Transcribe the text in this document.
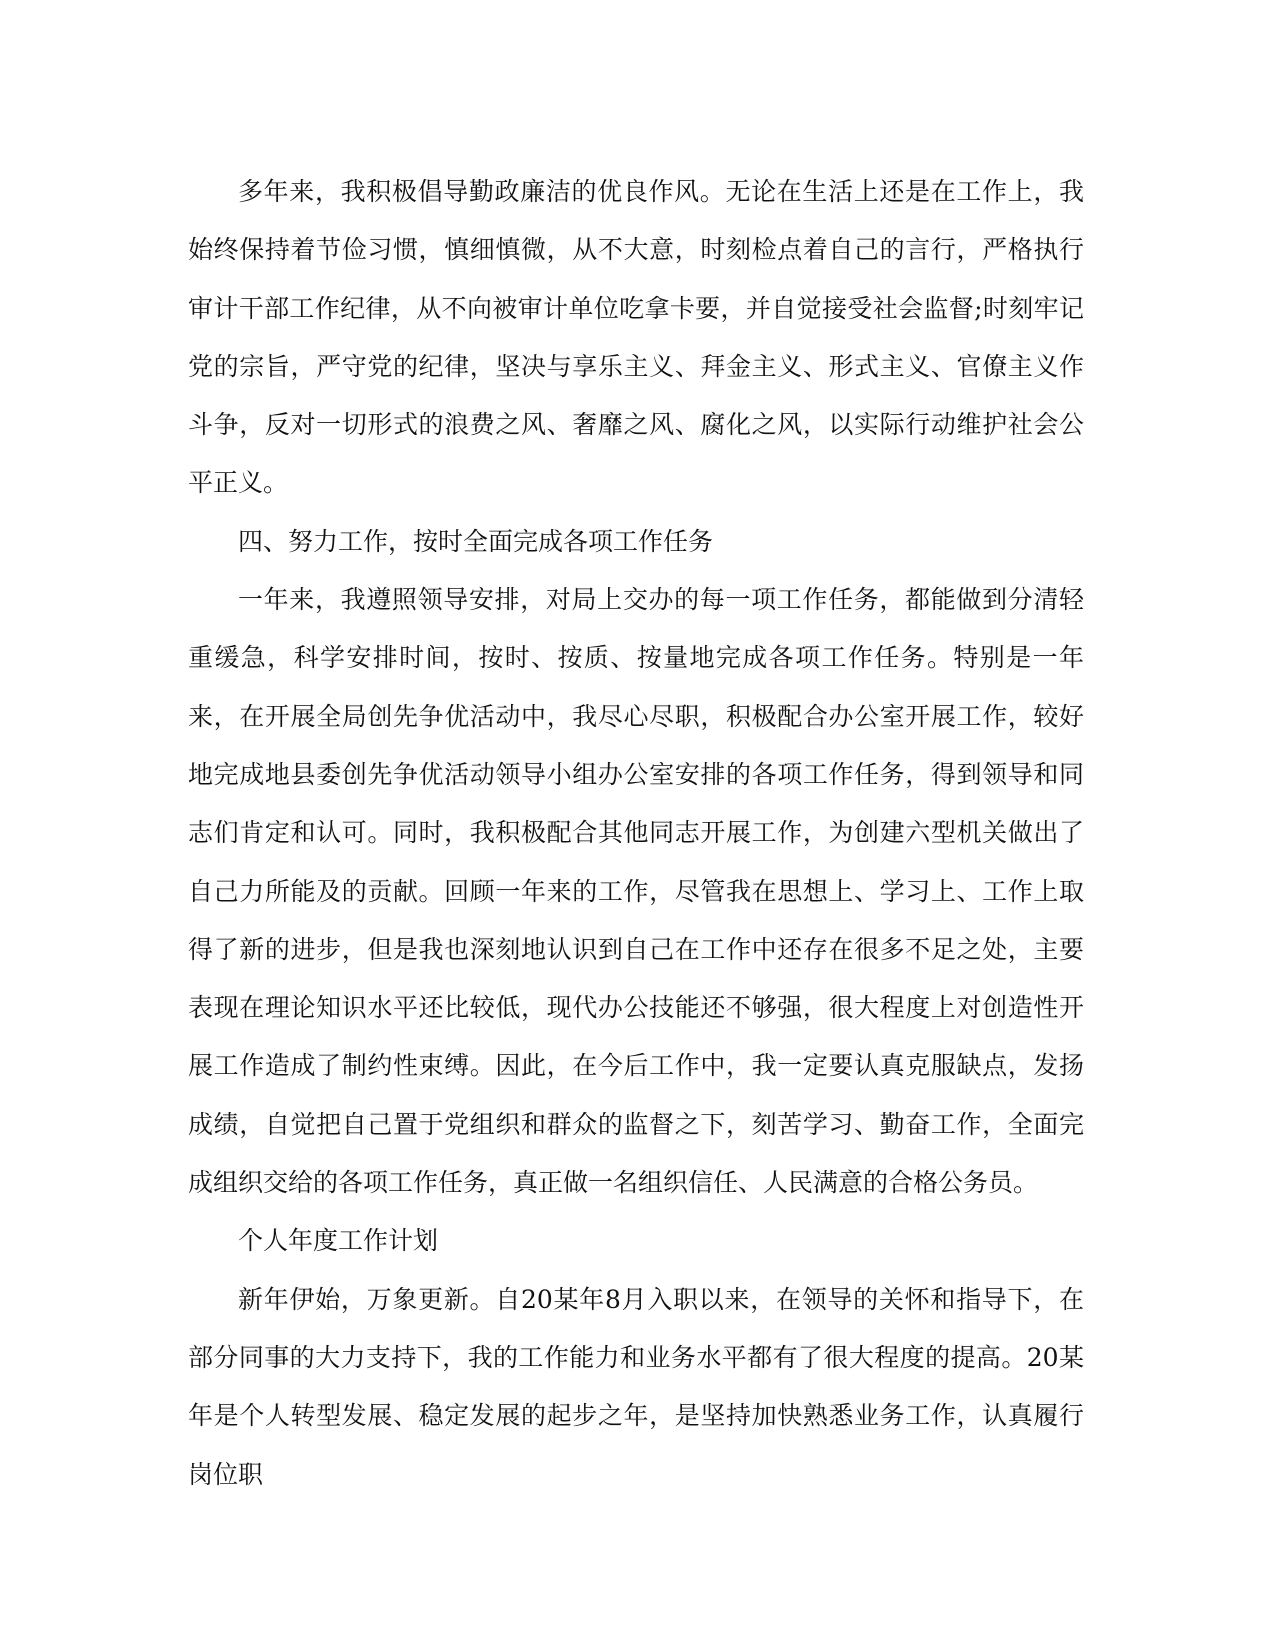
多年来，我积极倡导勤政廉洁的优良作风。无论在生活上还是在工作上，我始终保持着节俭习惯，慎细慎微，从不大意，时刻检点着自己的言行，严格执行审计干部工作纪律，从不向被审计单位吃拿卡要，并自觉接受社会监督;时刻牢记党的宗旨，严守党的纪律，坚决与享乐主义、拜金主义、形式主义、官僚主义作斗争，反对一切形式的浪费之风、奢靡之风、腐化之风，以实际行动维护社会公平正义。

四、努力工作，按时全面完成各项工作任务

一年来，我遵照领导安排，对局上交办的每一项工作任务，都能做到分清轻重缓急，科学安排时间，按时、按质、按量地完成各项工作任务。特别是一年来，在开展全局创先争优活动中，我尽心尽职，积极配合办公室开展工作，较好地完成地县委创先争优活动领导小组办公室安排的各项工作任务，得到领导和同志们肯定和认可。同时，我积极配合其他同志开展工作，为创建六型机关做出了自己力所能及的贡献。回顾一年来的工作，尽管我在思想上、学习上、工作上取得了新的进步，但是我也深刻地认识到自己在工作中还存在很多不足之处，主要表现在理论知识水平还比较低，现代办公技能还不够强，很大程度上对创造性开展工作造成了制约性束缚。因此，在今后工作中，我一定要认真克服缺点，发扬成绩，自觉把自己置于党组织和群众的监督之下，刻苦学习、勤奋工作，全面完成组织交给的各项工作任务，真正做一名组织信任、人民满意的合格公务员。

个人年度工作计划

新年伊始，万象更新。自20某年8月入职以来，在领导的关怀和指导下，在部分同事的大力支持下，我的工作能力和业务水平都有了很大程度的提高。20某年是个人转型发展、稳定发展的起步之年，是坚持加快熟悉业务工作，认真履行岗位职
